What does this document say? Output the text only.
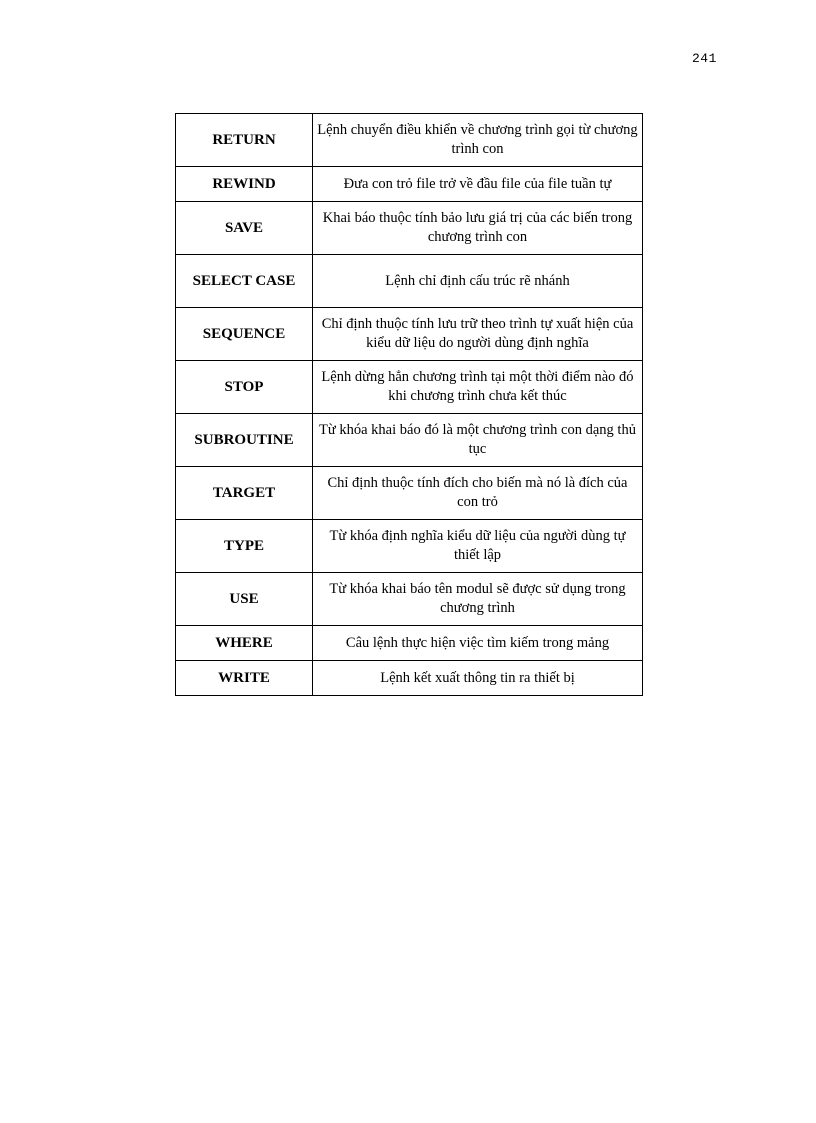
241
RETURN	Lệnh chuyển điều khiển về chương trình gọi từ chương trình con
REWIND	Đưa con trỏ file trở về đầu file của file tuần tự
SAVE	Khai báo thuộc tính bảo lưu giá trị của các biến trong chương trình con
SELECT CASE	Lệnh chỉ định cấu trúc rẽ nhánh
SEQUENCE	Chỉ định thuộc tính lưu trữ theo trình tự xuất hiện của kiểu dữ liệu do người dùng định nghĩa
STOP	Lệnh dừng hẳn chương trình tại một thời điểm nào đó khi chương trình chưa kết thúc
SUBROUTINE	Từ khóa khai báo đó là một chương trình con dạng thủ tục
TARGET	Chỉ định thuộc tính đích cho biến mà nó là đích của con trỏ
TYPE	Từ khóa định nghĩa kiểu dữ liệu của người dùng tự thiết lập
USE	Từ khóa khai báo tên modul sẽ được sử dụng trong chương trình
WHERE	Câu lệnh thực hiện việc tìm kiếm trong mảng
WRITE	Lệnh kết xuất thông tin ra thiết bị
